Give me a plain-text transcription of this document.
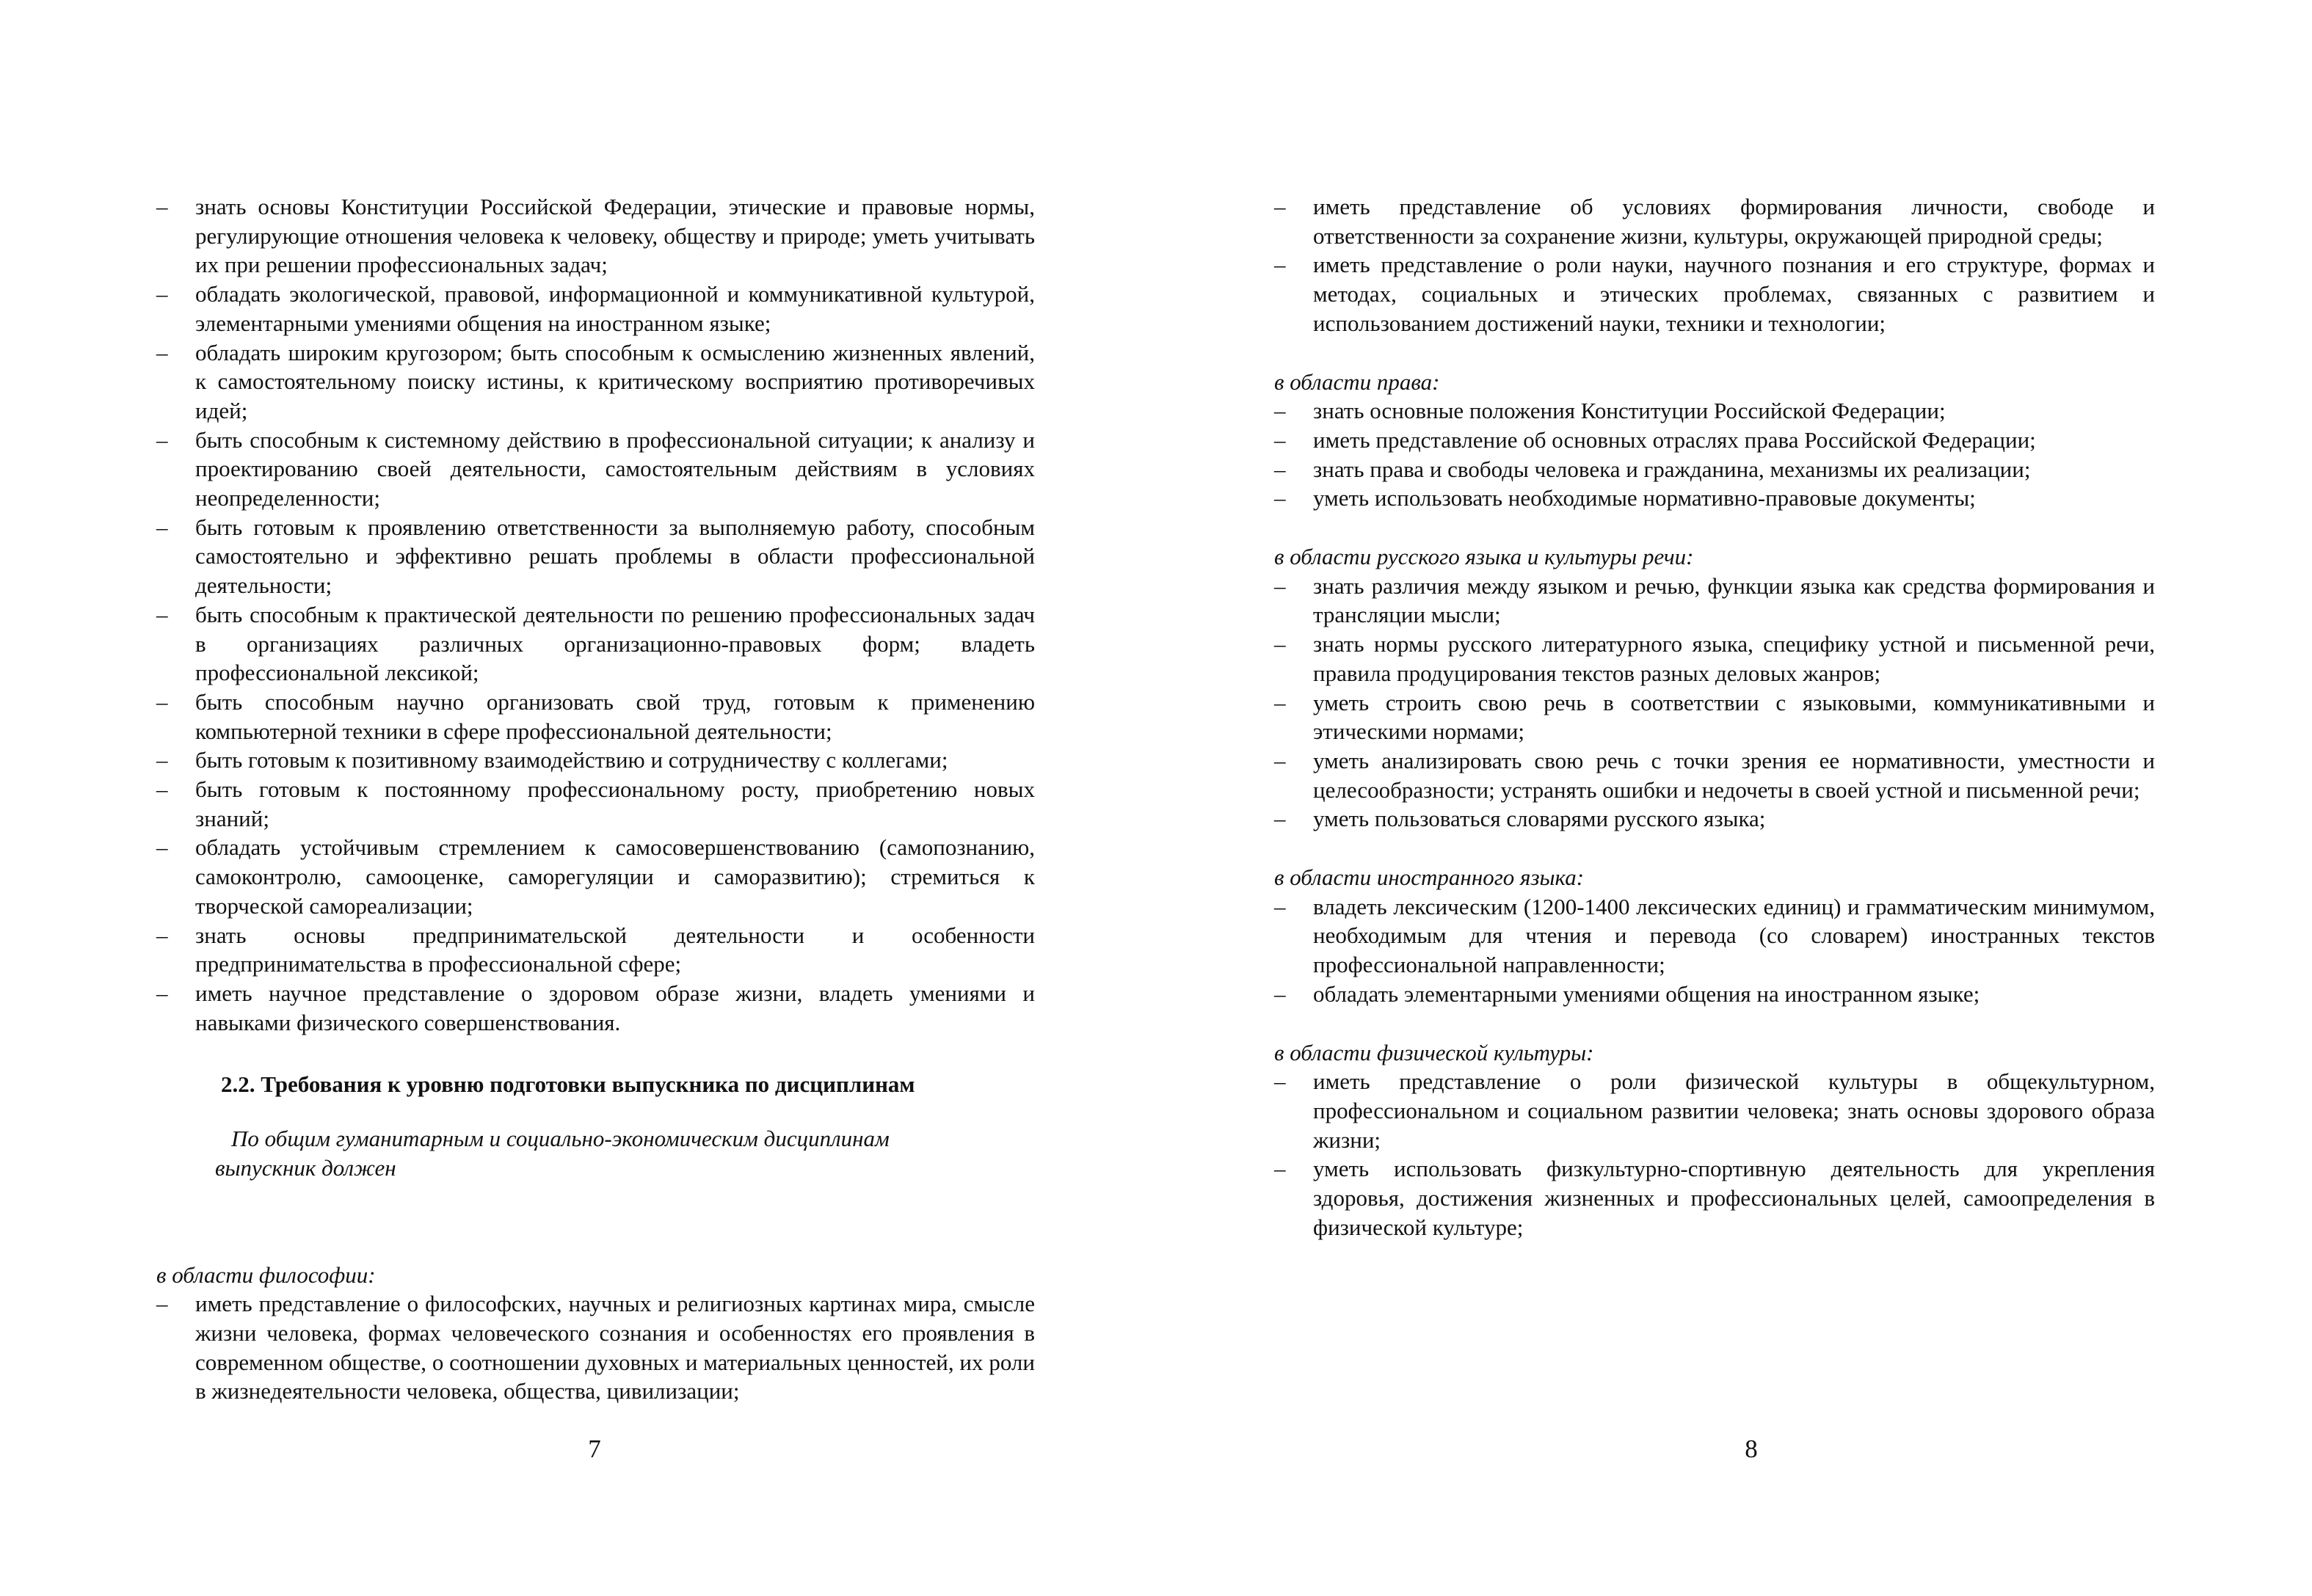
– знать основы Конституции Российской Федерации, этические и правовые нормы, регулирующие отношения человека к человеку, обществу и природе; уметь учитывать их при решении профессиональных задач;

– обладать экологической, правовой, информационной и коммуникативной культурой, элементарными умениями общения на иностранном языке;

– обладать широким кругозором; быть способным к осмыслению жизненных явлений, к самостоятельному поиску истины, к критическому восприятию противоречивых идей;

– быть способным к системному действию в профессиональной ситуации; к анализу и проектированию своей деятельности, самостоятельным действиям в условиях неопределенности;

– быть готовым к проявлению ответственности за выполняемую работу, способным самостоятельно и эффективно решать проблемы в области профессиональной деятельности;

– быть способным к практической деятельности по решению профессиональных задач в организациях различных организационно-правовых форм; владеть профессиональной лексикой;

– быть способным научно организовать свой труд, готовым к применению компьютерной техники в сфере профессиональной деятельности;

– быть готовым к позитивному взаимодействию и сотрудничеству с коллегами;

– быть готовым к постоянному профессиональному росту, приобретению новых знаний;

– обладать устойчивым стремлением к самосовершенствованию (самопознанию, самоконтролю, самооценке, саморегуляции и саморазвитию); стремиться к творческой самореализации;

– знать основы предпринимательской деятельности и особенности предпринимательства в профессиональной сфере;

– иметь научное представление о здоровом образе жизни, владеть умениями и навыками физического совершенствования.

2.2. Требования к уровню подготовки выпускника по дисциплинам
По общим гуманитарным и социально-экономическим дисциплинам
выпускник должен
в области философии:

– иметь представление о философских, научных и религиозных картинах мира, смысле жизни человека, формах человеческого сознания и особенностях его проявления в современном обществе, о соотношении духовных и материальных ценностей, их роли в жизнедеятельности человека, общества, цивилизации;

7

– иметь представление об условиях формирования личности, свободе и ответственности за сохранение жизни, культуры, окружающей природной среды;

– иметь представление о роли науки, научного познания и его структуре, формах и методах, социальных и этических проблемах, связанных с развитием и использованием достижений науки, техники и технологии;

в области права:

– знать основные положения Конституции Российской Федерации;

– иметь представление об основных отраслях права Российской Федерации;

– знать права и свободы человека и гражданина, механизмы их реализации;

– уметь использовать необходимые нормативно-правовые документы;

в области русского языка и культуры речи:

– знать различия между языком и речью, функции языка как средства формирования и трансляции мысли;

– знать нормы русского литературного языка, специфику устной и письменной речи, правила продуцирования текстов разных деловых жанров;

– уметь строить свою речь в соответствии с языковыми, коммуникативными и этическими нормами;

– уметь анализировать свою речь с точки зрения ее нормативности, уместности и целесообразности; устранять ошибки и недочеты в своей устной и письменной речи;

– уметь пользоваться словарями русского языка;

в области иностранного языка:

– владеть лексическим (1200-1400 лексических единиц) и грамматическим минимумом, необходимым для чтения и перевода (со словарем) иностранных текстов профессиональной направленности;

– обладать элементарными умениями общения на иностранном языке;

в области физической культуры:

– иметь представление о роли физической культуры в общекультурном, профессиональном и социальном развитии человека; знать основы здорового образа жизни;

– уметь использовать физкультурно-спортивную деятельность для укрепления здоровья, достижения жизненных и профессиональных целей, самоопределения в физической культуре;

8
